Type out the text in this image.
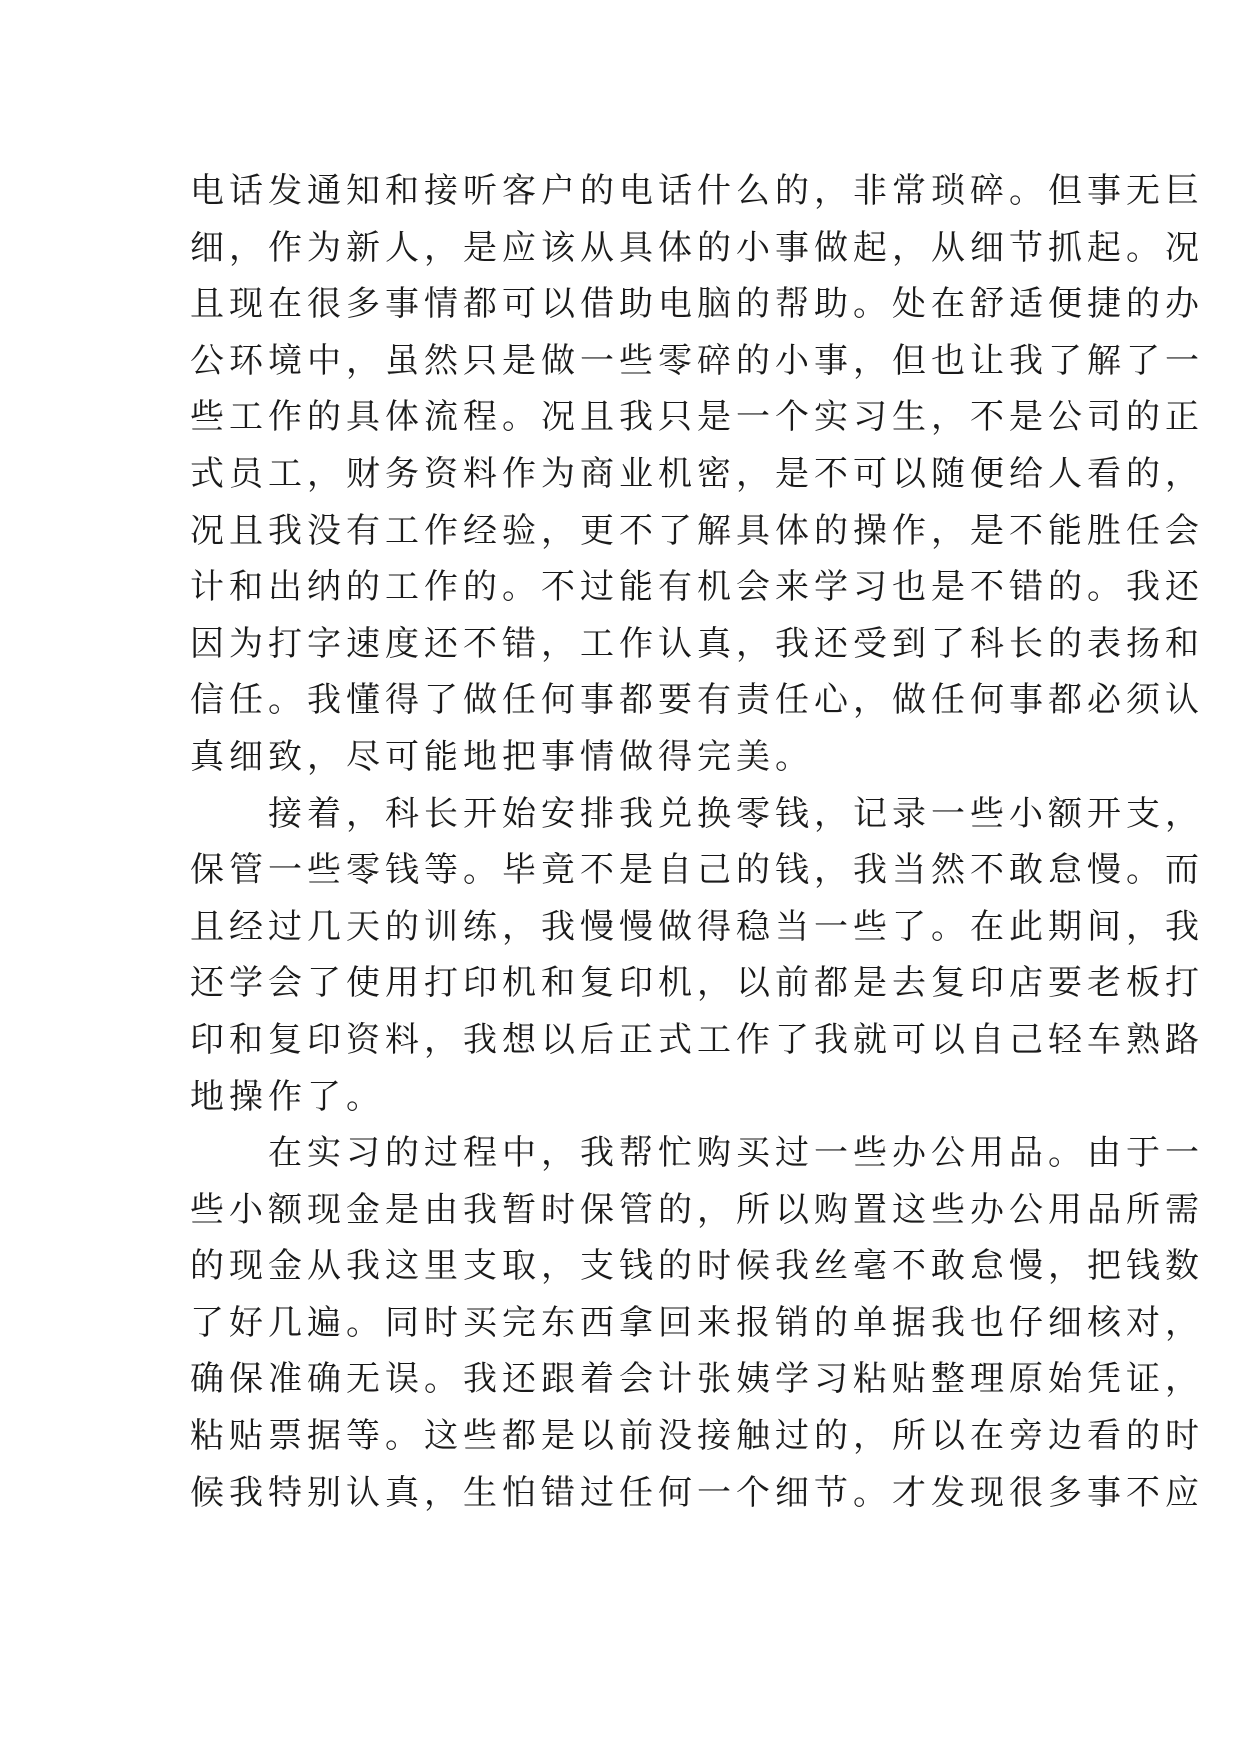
电话发通知和接听客户的电话什么的，非常琐碎。但事无巨
细，作为新人，是应该从具体的小事做起，从细节抓起。况
且现在很多事情都可以借助电脑的帮助。处在舒适便捷的办
公环境中，虽然只是做一些零碎的小事，但也让我了解了一
些工作的具体流程。况且我只是一个实习生，不是公司的正
式员工，财务资料作为商业机密，是不可以随便给人看的，
况且我没有工作经验，更不了解具体的操作，是不能胜任会
计和出纳的工作的。不过能有机会来学习也是不错的。我还
因为打字速度还不错，工作认真，我还受到了科长的表扬和
信任。我懂得了做任何事都要有责任心，做任何事都必须认
真细致，尽可能地把事情做得完美。
接着，科长开始安排我兑换零钱，记录一些小额开支，
保管一些零钱等。毕竟不是自己的钱，我当然不敢怠慢。而
且经过几天的训练，我慢慢做得稳当一些了。在此期间，我
还学会了使用打印机和复印机，以前都是去复印店要老板打
印和复印资料，我想以后正式工作了我就可以自己轻车熟路
地操作了。
在实习的过程中，我帮忙购买过一些办公用品。由于一
些小额现金是由我暂时保管的，所以购置这些办公用品所需
的现金从我这里支取，支钱的时候我丝毫不敢怠慢，把钱数
了好几遍。同时买完东西拿回来报销的单据我也仔细核对，
确保准确无误。我还跟着会计张姨学习粘贴整理原始凭证，
粘贴票据等。这些都是以前没接触过的，所以在旁边看的时
候我特别认真，生怕错过任何一个细节。才发现很多事不应
